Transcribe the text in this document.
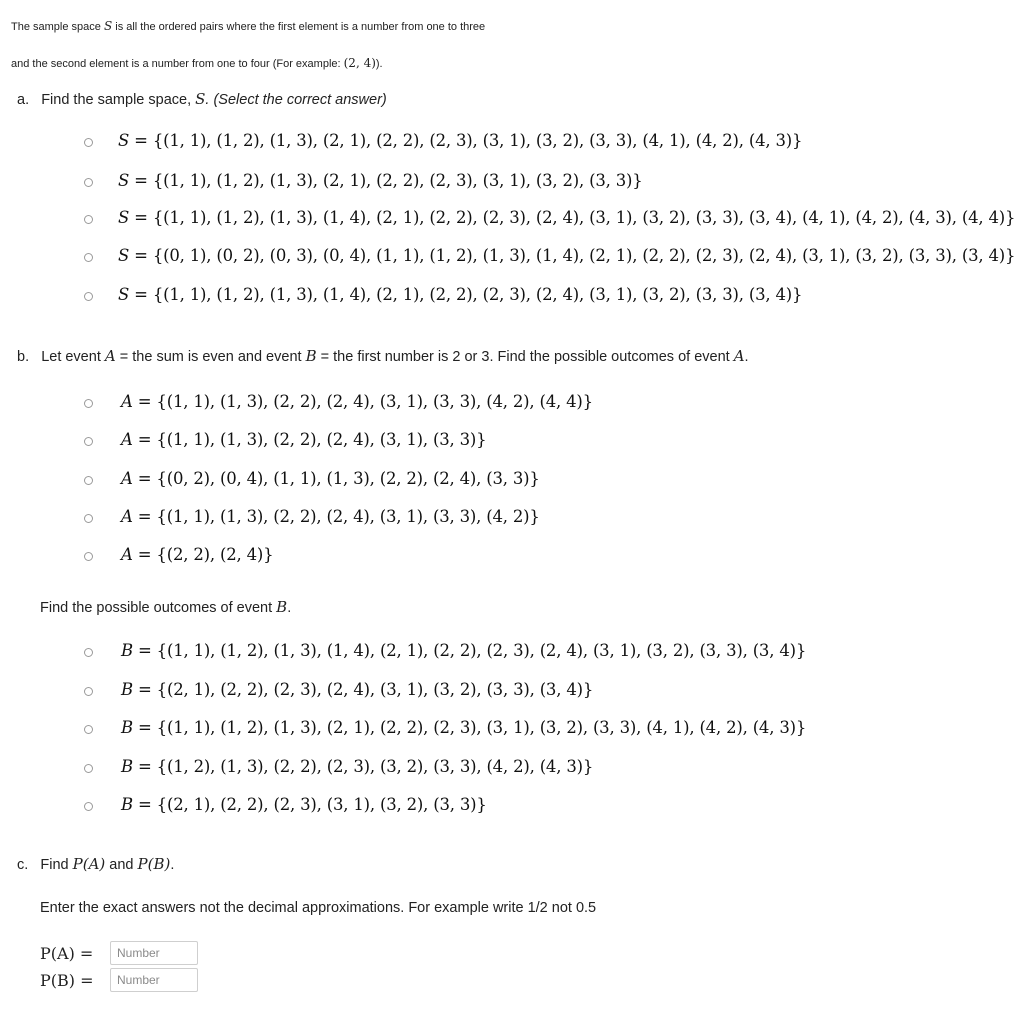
The sample space S is all the ordered pairs where the first element is a number from one to three
and the second element is a number from one to four (For example: (2, 4)).
a. Find the sample space, S. (Select the correct answer)
S = {(1, 1), (1, 2), (1, 3), (2, 1), (2, 2), (2, 3), (3, 1), (3, 2), (3, 3), (4, 1), (4, 2), (4, 3)}
S = {(1, 1), (1, 2), (1, 3), (2, 1), (2, 2), (2, 3), (3, 1), (3, 2), (3, 3)}
S = {(1, 1), (1, 2), (1, 3), (1, 4), (2, 1), (2, 2), (2, 3), (2, 4), (3, 1), (3, 2), (3, 3), (3, 4), (4, 1), (4, 2), (4, 3), (4, 4)}
S = {(0, 1), (0, 2), (0, 3), (0, 4), (1, 1), (1, 2), (1, 3), (1, 4), (2, 1), (2, 2), (2, 3), (2, 4), (3, 1), (3, 2), (3, 3), (3, 4)}
S = {(1, 1), (1, 2), (1, 3), (1, 4), (2, 1), (2, 2), (2, 3), (2, 4), (3, 1), (3, 2), (3, 3), (3, 4)}
b. Let event A = the sum is even and event B = the first number is 2 or 3. Find the possible outcomes of event A.
A = {(1, 1), (1, 3), (2, 2), (2, 4), (3, 1), (3, 3), (4, 2), (4, 4)}
A = {(1, 1), (1, 3), (2, 2), (2, 4), (3, 1), (3, 3)}
A = {(0, 2), (0, 4), (1, 1), (1, 3), (2, 2), (2, 4), (3, 3)}
A = {(1, 1), (1, 3), (2, 2), (2, 4), (3, 1), (3, 3), (4, 2)}
A = {(2, 2), (2, 4)}
Find the possible outcomes of event B.
B = {(1, 1), (1, 2), (1, 3), (1, 4), (2, 1), (2, 2), (2, 3), (2, 4), (3, 1), (3, 2), (3, 3), (3, 4)}
B = {(2, 1), (2, 2), (2, 3), (2, 4), (3, 1), (3, 2), (3, 3), (3, 4)}
B = {(1, 1), (1, 2), (1, 3), (2, 1), (2, 2), (2, 3), (3, 1), (3, 2), (3, 3), (4, 1), (4, 2), (4, 3)}
B = {(1, 2), (1, 3), (2, 2), (2, 3), (3, 2), (3, 3), (4, 2), (4, 3)}
B = {(2, 1), (2, 2), (2, 3), (3, 1), (3, 2), (3, 3)}
c. Find P(A) and P(B).
Enter the exact answers not the decimal approximations. For example write 1/2 not 0.5
P(A) =
Number
P(B) =
Number
